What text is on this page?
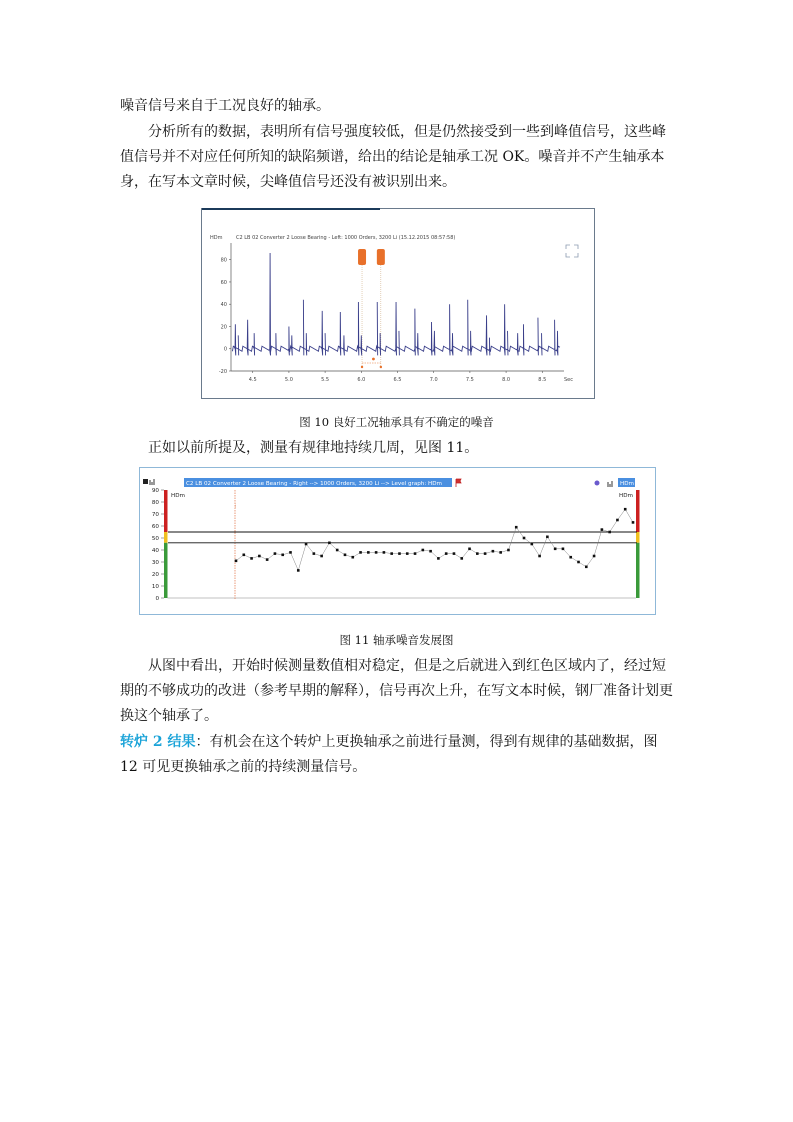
噪音信号来自于工况良好的轴承。

分析所有的数据，表明所有信号强度较低，但是仍然接受到一些到峰值信号，这些峰值信号并不对应任何所知的缺陷频谱，给出的结论是轴承工况 OK。噪音并不产生轴承本身，在写本文章时候，尖峰值信号还没有被识别出来。

C2 LB 02 Converter 2 Loose Bearing - Left: 1000 Orders, 3200 Li (15.12.2015 08:57:58)
HDm
80
60
40
20
0
-20
4.5	5.0	5.5	6.0	6.5	7.0	7.5	8.0	8.5	Sec

图 10 良好工况轴承具有不确定的噪音

正如以前所提及，测量有规律地持续几周，见图 11。

C2 LB 02 Converter 2 Loose Bearing - Right --> 1000 Orders, 3200 Li --> Level graph: HDm	HDm
HDm	HDm
90
80
70
60
50
40
30
20
10
0
····

图 11 轴承噪音发展图

从图中看出，开始时候测量数值相对稳定，但是之后就进入到红色区域内了，经过短期的不够成功的改进（参考早期的解释），信号再次上升，在写文本时候，钢厂准备计划更换这个轴承了。

转炉 2 结果：有机会在这个转炉上更换轴承之前进行量测，得到有规律的基础数据，图 12 可见更换轴承之前的持续测量信号。
